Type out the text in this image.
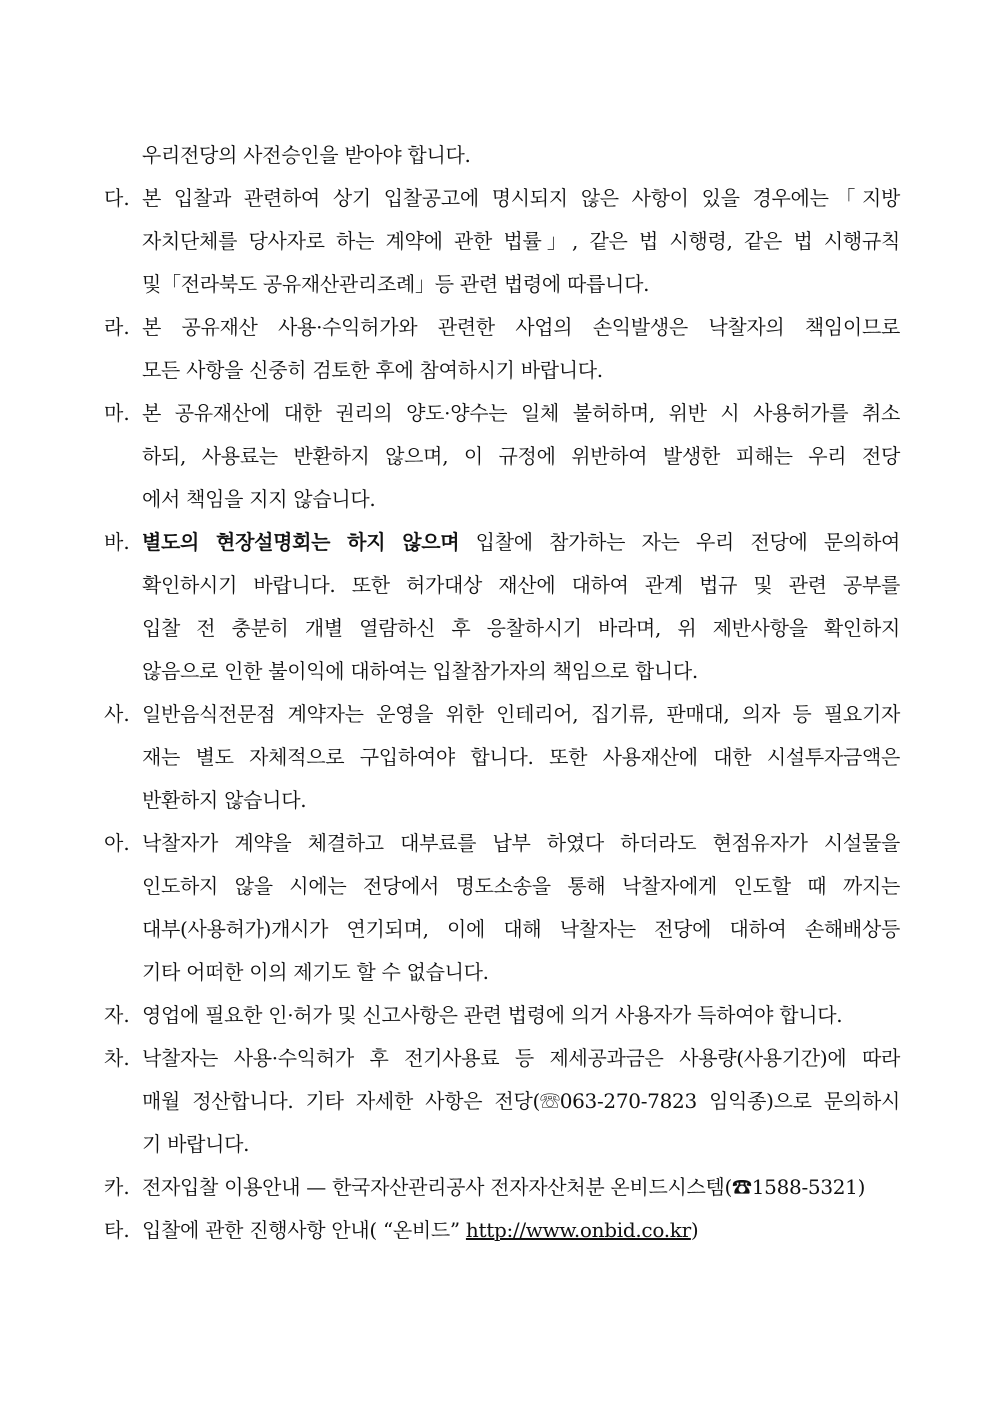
우리전당의 사전승인을 받아야 합니다.
다. 본 입찰과 관련하여 상기 입찰공고에 명시되지 않은 사항이 있을 경우에는「지방
자치단체를 당사자로 하는 계약에 관한 법률」, 같은 법 시행령, 같은 법 시행규칙
및「전라북도 공유재산관리조례」등 관련 법령에 따릅니다.
라. 본 공유재산 사용·수익허가와 관련한 사업의 손익발생은 낙찰자의 책임이므로
모든 사항을 신중히 검토한 후에 참여하시기 바랍니다.
마. 본 공유재산에 대한 권리의 양도·양수는 일체 불허하며, 위반 시 사용허가를 취소
하되, 사용료는 반환하지 않으며, 이 규정에 위반하여 발생한 피해는 우리 전당
에서 책임을 지지 않습니다.
바. 별도의 현장설명회는 하지 않으며 입찰에 참가하는 자는 우리 전당에 문의하여
확인하시기 바랍니다. 또한 허가대상 재산에 대하여 관계 법규 및 관련 공부를
입찰 전 충분히 개별 열람하신 후 응찰하시기 바라며, 위 제반사항을 확인하지
않음으로 인한 불이익에 대하여는 입찰참가자의 책임으로 합니다.
사. 일반음식전문점 계약자는 운영을 위한 인테리어, 집기류, 판매대, 의자 등 필요기자
재는 별도 자체적으로 구입하여야 합니다. 또한 사용재산에 대한 시설투자금액은
반환하지 않습니다.
아. 낙찰자가 계약을 체결하고 대부료를 납부 하였다 하더라도 현점유자가 시설물을
인도하지 않을 시에는 전당에서 명도소송을 통해 낙찰자에게 인도할 때 까지는
대부(사용허가)개시가 연기되며, 이에 대해 낙찰자는 전당에 대하여 손해배상등
기타 어떠한 이의 제기도 할 수 없습니다.
자. 영업에 필요한 인·허가 및 신고사항은 관련 법령에 의거 사용자가 득하여야 합니다.
차. 낙찰자는 사용·수익허가 후 전기사용료 등 제세공과금은 사용량(사용기간)에 따라
매월 정산합니다. 기타 자세한 사항은 전당(☏063-270-7823 임익종)으로 문의하시
기 바랍니다.
카. 전자입찰 이용안내 — 한국자산관리공사 전자자산처분 온비드시스템(☎1588-5321)
타. 입찰에 관한 진행사항 안내( “온비드” http://www.onbid.co.kr)
